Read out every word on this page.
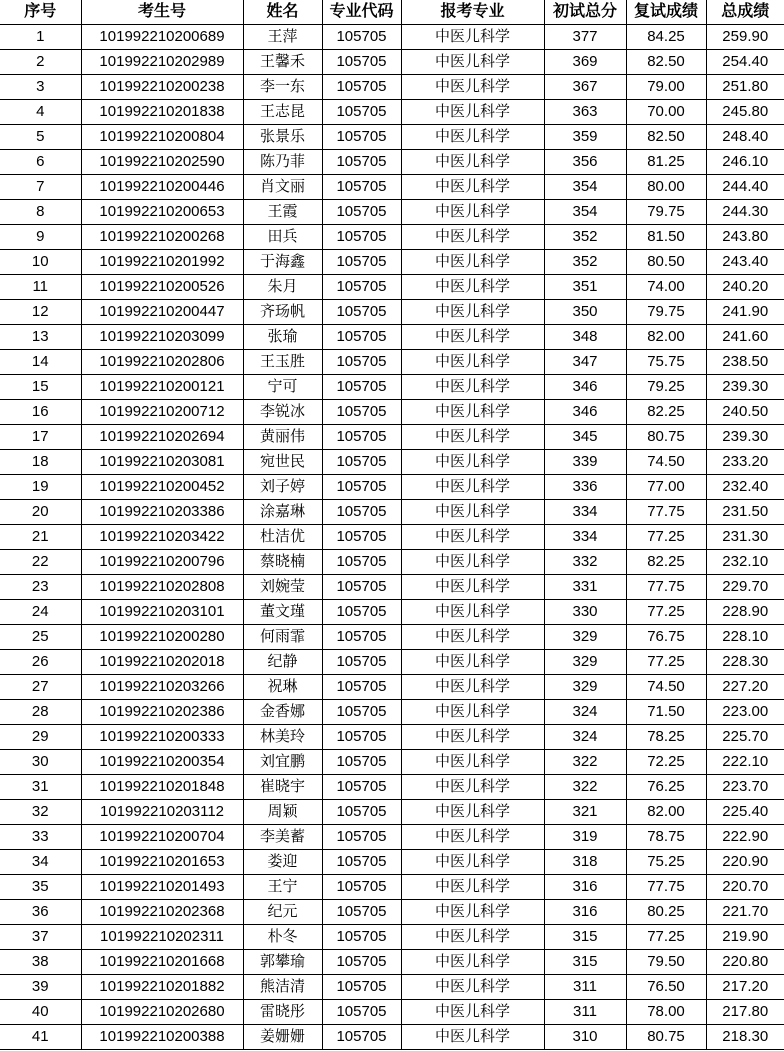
序号	考生号	姓名	专业代码	报考专业	初试总分	复试成绩	总成绩
1	101992210200689	王萍	105705	中医儿科学	377	84.25	259.90
2	101992210202989	王馨禾	105705	中医儿科学	369	82.50	254.40
3	101992210200238	李一东	105705	中医儿科学	367	79.00	251.80
4	101992210201838	王志昆	105705	中医儿科学	363	70.00	245.80
5	101992210200804	张景乐	105705	中医儿科学	359	82.50	248.40
6	101992210202590	陈乃菲	105705	中医儿科学	356	81.25	246.10
7	101992210200446	肖文丽	105705	中医儿科学	354	80.00	244.40
8	101992210200653	王霞	105705	中医儿科学	354	79.75	244.30
9	101992210200268	田兵	105705	中医儿科学	352	81.50	243.80
10	101992210201992	于海鑫	105705	中医儿科学	352	80.50	243.40
11	101992210200526	朱月	105705	中医儿科学	351	74.00	240.20
12	101992210200447	齐玚帆	105705	中医儿科学	350	79.75	241.90
13	101992210203099	张瑜	105705	中医儿科学	348	82.00	241.60
14	101992210202806	王玉胜	105705	中医儿科学	347	75.75	238.50
15	101992210200121	宁可	105705	中医儿科学	346	79.25	239.30
16	101992210200712	李锐冰	105705	中医儿科学	346	82.25	240.50
17	101992210202694	黄丽伟	105705	中医儿科学	345	80.75	239.30
18	101992210203081	宛世民	105705	中医儿科学	339	74.50	233.20
19	101992210200452	刘子婷	105705	中医儿科学	336	77.00	232.40
20	101992210203386	涂嘉琳	105705	中医儿科学	334	77.75	231.50
21	101992210203422	杜洁优	105705	中医儿科学	334	77.25	231.30
22	101992210200796	蔡晓楠	105705	中医儿科学	332	82.25	232.10
23	101992210202808	刘婉莹	105705	中医儿科学	331	77.75	229.70
24	101992210203101	董文瑾	105705	中医儿科学	330	77.25	228.90
25	101992210200280	何雨霏	105705	中医儿科学	329	76.75	228.10
26	101992210202018	纪静	105705	中医儿科学	329	77.25	228.30
27	101992210203266	祝琳	105705	中医儿科学	329	74.50	227.20
28	101992210202386	金香娜	105705	中医儿科学	324	71.50	223.00
29	101992210200333	林美玲	105705	中医儿科学	324	78.25	225.70
30	101992210200354	刘宜鹏	105705	中医儿科学	322	72.25	222.10
31	101992210201848	崔晓宇	105705	中医儿科学	322	76.25	223.70
32	101992210203112	周颖	105705	中医儿科学	321	82.00	225.40
33	101992210200704	李美蓄	105705	中医儿科学	319	78.75	222.90
34	101992210201653	娄迎	105705	中医儿科学	318	75.25	220.90
35	101992210201493	王宁	105705	中医儿科学	316	77.75	220.70
36	101992210202368	纪元	105705	中医儿科学	316	80.25	221.70
37	101992210202311	朴冬	105705	中医儿科学	315	77.25	219.90
38	101992210201668	郭攀瑜	105705	中医儿科学	315	79.50	220.80
39	101992210201882	熊洁清	105705	中医儿科学	311	76.50	217.20
40	101992210202680	雷晓彤	105705	中医儿科学	311	78.00	217.80
41	101992210200388	姜姗姗	105705	中医儿科学	310	80.75	218.30
